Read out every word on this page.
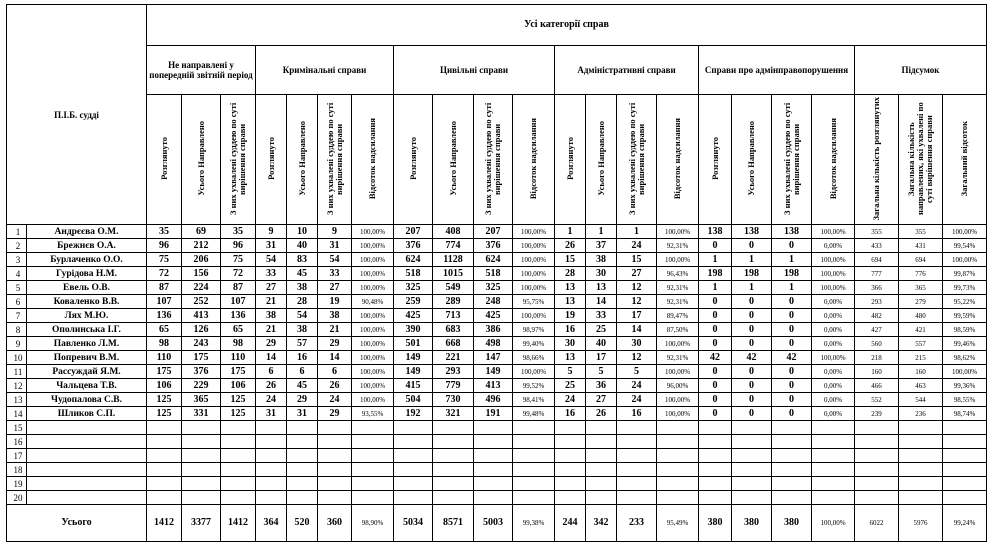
П.І.Б. судді		Усі категорії справ																					
		Не направлені у попередній звітній період			Кримінальні справи				Цивільні справи				Адміністративні справи				Справи про адмінправопорушення				Підсумок		
		Розглянуто	Усього Направлено	З них ухвалені суддею по суті вирішення справи	Розглянуто	Усього Направлено	З них ухвалені суддею по суті вирішення справи	Відсоток надсилання	Розглянуто	Усього Направлено	З них ухвалені суддею по суті вирішення справи	Відсоток надсилання	Розглянуто	Усього Направлено	З них ухвалені суддею по суті вирішення справи	Відсоток надсилання	Розглянуто	Усього Направлено	З них ухвалені суддею по суті вирішення справи	Відсоток надсилання	Загальна кількість розглянутих	Загальна кількість направлених, які ухвалені по суті вирішення справи	Загальний відсоток
1	Андрєєва О.М.	35	69	35	9	10	9	100,00%	207	408	207	100,00%	1	1	1	100,00%	138	138	138	100,00%	355	355	100,00%
2	Брежнєв О.А.	96	212	96	31	40	31	100,00%	376	774	376	100,00%	26	37	24	92,31%	0	0	0	0,00%	433	431	99,54%
3	Бурлаченко О.О.	75	206	75	54	83	54	100,00%	624	1128	624	100,00%	15	38	15	100,00%	1	1	1	100,00%	694	694	100,00%
4	Гурідова Н.М.	72	156	72	33	45	33	100,00%	518	1015	518	100,00%	28	30	27	96,43%	198	198	198	100,00%	777	776	99,87%
5	Евель О.В.	87	224	87	27	38	27	100,00%	325	549	325	100,00%	13	13	12	92,31%	1	1	1	100,00%	366	365	99,73%
6	Коваленко В.В.	107	252	107	21	28	19	90,48%	259	289	248	95,75%	13	14	12	92,31%	0	0	0	0,00%	293	279	95,22%
7	Лях М.Ю.	136	413	136	38	54	38	100,00%	425	713	425	100,00%	19	33	17	89,47%	0	0	0	0,00%	482	480	99,59%
8	Ополинська І.Г.	65	126	65	21	38	21	100,00%	390	683	386	98,97%	16	25	14	87,50%	0	0	0	0,00%	427	421	98,59%
9	Павленко Л.М.	98	243	98	29	57	29	100,00%	501	668	498	99,40%	30	40	30	100,00%	0	0	0	0,00%	560	557	99,46%
10	Попревич В.М.	110	175	110	14	16	14	100,00%	149	221	147	98,66%	13	17	12	92,31%	42	42	42	100,00%	218	215	98,62%
11	Рассуждай Я.М.	175	376	175	6	6	6	100,00%	149	293	149	100,00%	5	5	5	100,00%	0	0	0	0,00%	160	160	100,00%
12	Чальцева Т.В.	106	229	106	26	45	26	100,00%	415	779	413	99,52%	25	36	24	96,00%	0	0	0	0,00%	466	463	99,36%
13	Чудопалова С.В.	125	365	125	24	29	24	100,00%	504	730	496	98,41%	24	27	24	100,00%	0	0	0	0,00%	552	544	98,55%
14	Шликов С.П.	125	331	125	31	31	29	93,55%	192	321	191	99,48%	16	26	16	100,00%	0	0	0	0,00%	239	236	98,74%
15																							
16																							
17																							
18																							
19																							
20																							
Усього		1412	3377	1412	364	520	360	98,90%	5034	8571	5003	99,38%	244	342	233	95,49%	380	380	380	100,00%	6022	5976	99,24%
